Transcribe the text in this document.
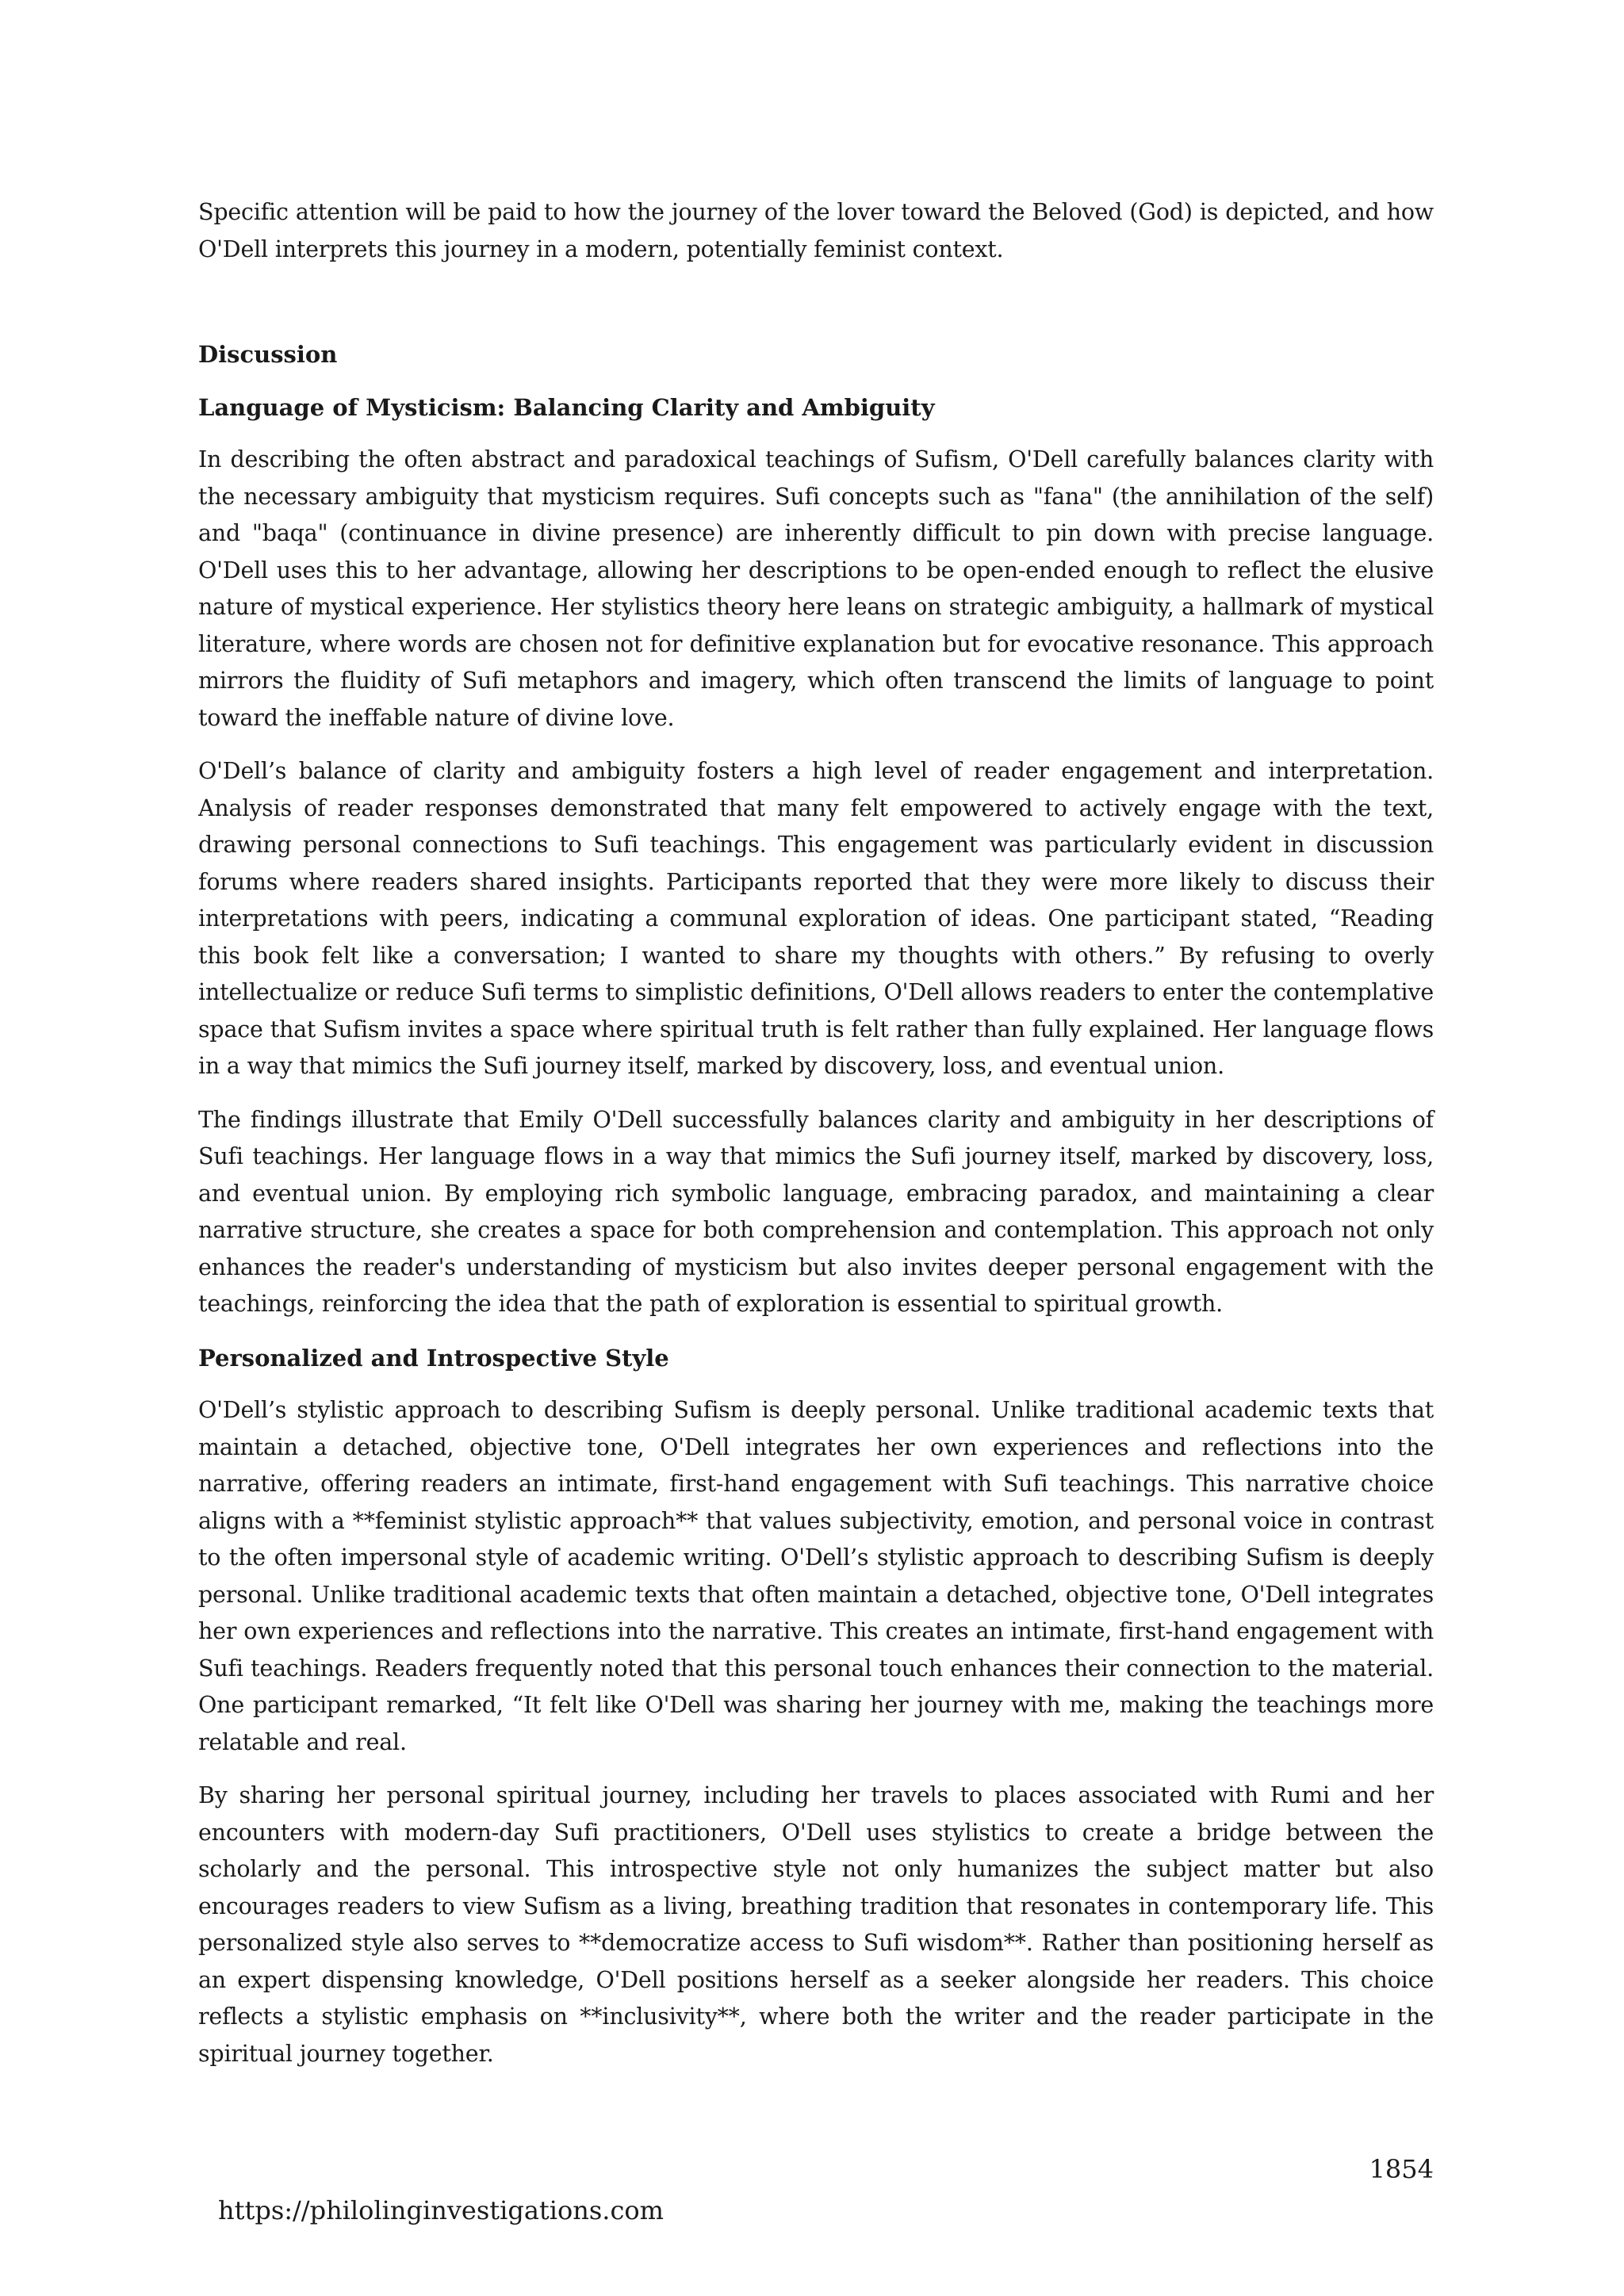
Specific attention will be paid to how the journey of the lover toward the Beloved (God) is depicted, and how O'Dell interprets this journey in a modern, potentially feminist context.

Discussion
Language of Mysticism: Balancing Clarity and Ambiguity

In describing the often abstract and paradoxical teachings of Sufism, O'Dell carefully balances clarity with the necessary ambiguity that mysticism requires. Sufi concepts such as "fana" (the annihilation of the self) and "baqa" (continuance in divine presence) are inherently difficult to pin down with precise language. O'Dell uses this to her advantage, allowing her descriptions to be open-ended enough to reflect the elusive nature of mystical experience. Her stylistics theory here leans on strategic ambiguity, a hallmark of mystical literature, where words are chosen not for definitive explanation but for evocative resonance. This approach mirrors the fluidity of Sufi metaphors and imagery, which often transcend the limits of language to point toward the ineffable nature of divine love.

O'Dell’s balance of clarity and ambiguity fosters a high level of reader engagement and interpretation. Analysis of reader responses demonstrated that many felt empowered to actively engage with the text, drawing personal connections to Sufi teachings. This engagement was particularly evident in discussion forums where readers shared insights. Participants reported that they were more likely to discuss their interpretations with peers, indicating a communal exploration of ideas. One participant stated, “Reading this book felt like a conversation; I wanted to share my thoughts with others.” By refusing to overly intellectualize or reduce Sufi terms to simplistic definitions, O'Dell allows readers to enter the contemplative space that Sufism invites a space where spiritual truth is felt rather than fully explained. Her language flows in a way that mimics the Sufi journey itself, marked by discovery, loss, and eventual union.

The findings illustrate that Emily O'Dell successfully balances clarity and ambiguity in her descriptions of Sufi teachings. Her language flows in a way that mimics the Sufi journey itself, marked by discovery, loss, and eventual union. By employing rich symbolic language, embracing paradox, and maintaining a clear narrative structure, she creates a space for both comprehension and contemplation. This approach not only enhances the reader's understanding of mysticism but also invites deeper personal engagement with the teachings, reinforcing the idea that the path of exploration is essential to spiritual growth.

Personalized and Introspective Style

O'Dell’s stylistic approach to describing Sufism is deeply personal. Unlike traditional academic texts that maintain a detached, objective tone, O'Dell integrates her own experiences and reflections into the narrative, offering readers an intimate, first-hand engagement with Sufi teachings. This narrative choice aligns with a **feminist stylistic approach** that values subjectivity, emotion, and personal voice in contrast to the often impersonal style of academic writing. O'Dell’s stylistic approach to describing Sufism is deeply personal. Unlike traditional academic texts that often maintain a detached, objective tone, O'Dell integrates her own experiences and reflections into the narrative. This creates an intimate, first-hand engagement with Sufi teachings. Readers frequently noted that this personal touch enhances their connection to the material. One participant remarked, “It felt like O'Dell was sharing her journey with me, making the teachings more relatable and real.

By sharing her personal spiritual journey, including her travels to places associated with Rumi and her encounters with modern-day Sufi practitioners, O'Dell uses stylistics to create a bridge between the scholarly and the personal. This introspective style not only humanizes the subject matter but also encourages readers to view Sufism as a living, breathing tradition that resonates in contemporary life. This personalized style also serves to **democratize access to Sufi wisdom**. Rather than positioning herself as an expert dispensing knowledge, O'Dell positions herself as a seeker alongside her readers. This choice reflects a stylistic emphasis on **inclusivity**, where both the writer and the reader participate in the spiritual journey together.

1854
https://philolinginvestigations.com
